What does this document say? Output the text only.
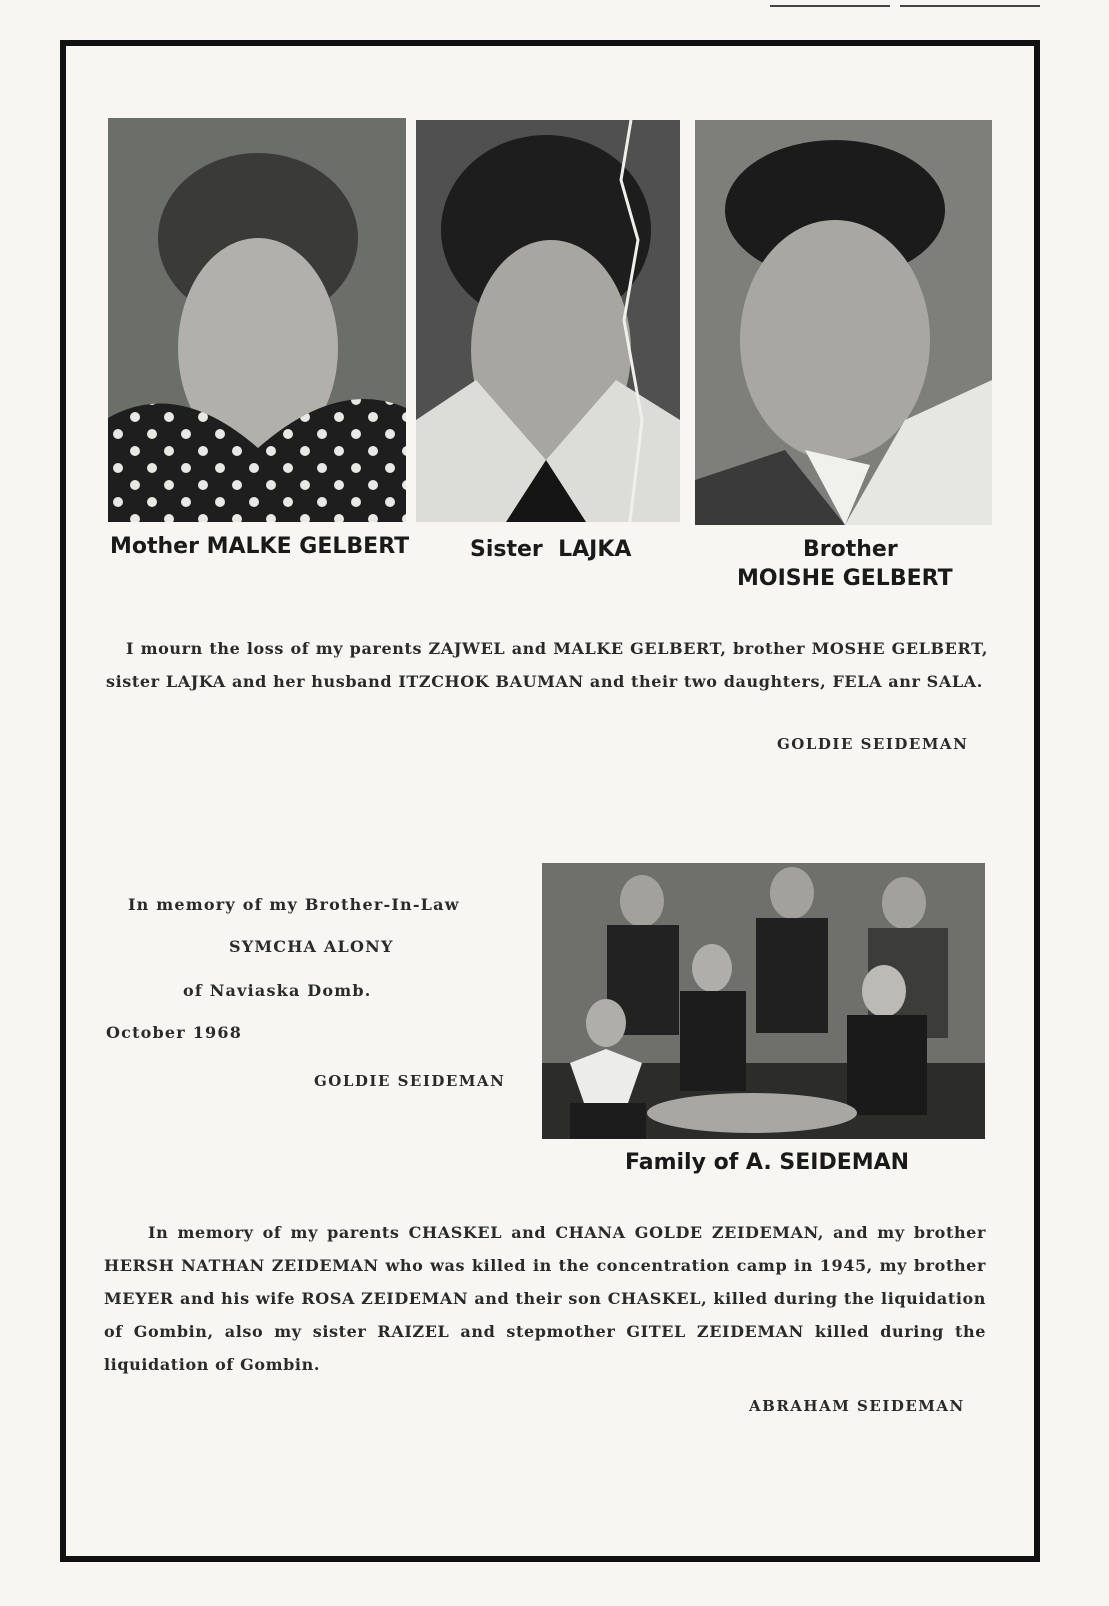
Mother MALKE GELBERT	Sister  LAJKA	Brother
MOISHE GELBERT
I mourn the loss of my parents ZAJWEL and MALKE GELBERT, brother MOSHE GELBERT, sister LAJKA and her husband ITZCHOK BAUMAN and their two daughters, FELA anr SALA.
GOLDIE SEIDEMAN
In memory of my Brother-In-Law
SYMCHA ALONY
of Naviaska Domb.
October 1968
GOLDIE SEIDEMAN
Family of A. SEIDEMAN
In memory of my parents CHASKEL and CHANA GOLDE ZEIDEMAN, and my brother HERSH NATHAN ZEIDEMAN who was killed in the concentration camp in 1945, my brother MEYER and his wife ROSA ZEIDEMAN and their son CHASKEL, killed during the liquidation of Gombin, also my sister RAIZEL and stepmother GITEL ZEIDEMAN killed during the liquidation of Gombin.
ABRAHAM SEIDEMAN
